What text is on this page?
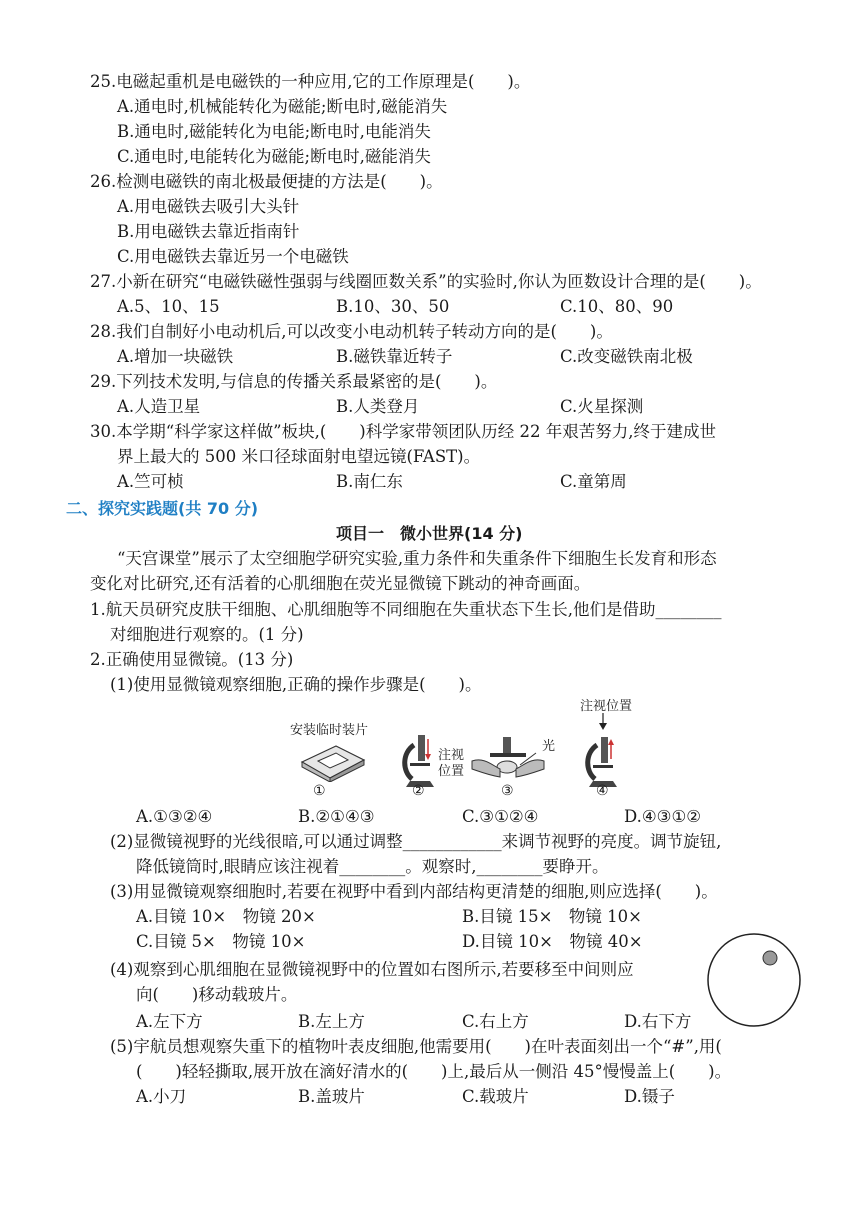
25.电磁起重机是电磁铁的一种应用,它的工作原理是(　　)。
A.通电时,机械能转化为磁能;断电时,磁能消失
B.通电时,磁能转化为电能;断电时,电能消失
C.通电时,电能转化为磁能;断电时,磁能消失
26.检测电磁铁的南北极最便捷的方法是(　　)。
A.用电磁铁去吸引大头针
B.用电磁铁去靠近指南针
C.用电磁铁去靠近另一个电磁铁
27.小新在研究“电磁铁磁性强弱与线圈匝数关系”的实验时,你认为匝数设计合理的是(　　)。
A.5、10、15	B.10、30、50	C.10、80、90
28.我们自制好小电动机后,可以改变小电动机转子转动方向的是(　　)。
A.增加一块磁铁	B.磁铁靠近转子	C.改变磁铁南北极
29.下列技术发明,与信息的传播关系最紧密的是(　　)。
A.人造卫星	B.人类登月	C.火星探测
30.本学期“科学家这样做”板块,(　　)科学家带领团队历经 22 年艰苦努力,终于建成世
界上最大的 500 米口径球面射电望远镜(FAST)。
A.竺可桢	B.南仁东	C.童第周
二、探究实践题(共 70 分)
项目一　微小世界(14 分)
“天宫课堂”展示了太空细胞学研究实验,重力条件和失重条件下细胞生长发育和形态
变化对比研究,还有活着的心肌细胞在荧光显微镜下跳动的神奇画面。
1.航天员研究皮肤干细胞、心肌细胞等不同细胞在失重状态下生长,他们是借助________
对细胞进行观察的。(1 分)
2.正确使用显微镜。(13 分)
(1)使用显微镜观察细胞,正确的操作步骤是(　　)。
安装临时装片
注视位置
注视
位置
光
①	②	③	④
A.①③②④	B.②①④③	C.③①②④	D.④③①②
(2)显微镜视野的光线很暗,可以通过调整____________来调节视野的亮度。调节旋钮,
降低镜筒时,眼睛应该注视着________。观察时,________要睁开。
(3)用显微镜观察细胞时,若要在视野中看到内部结构更清楚的细胞,则应选择(　　)。
A.目镜 10×　物镜 20×	B.目镜 15×　物镜 10×
C.目镜 5×　物镜 10×	D.目镜 10×　物镜 40×
(4)观察到心肌细胞在显微镜视野中的位置如右图所示,若要移至中间则应
向(　　)移动载玻片。
A.左下方	B.左上方	C.右上方	D.右下方
(5)宇航员想观察失重下的植物叶表皮细胞,他需要用(　　)在叶表面刻出一个“#”,用(
(　　)轻轻撕取,展开放在滴好清水的(　　)上,最后从一侧沿 45°慢慢盖上(　　)。
A.小刀	B.盖玻片	C.载玻片	D.镊子
